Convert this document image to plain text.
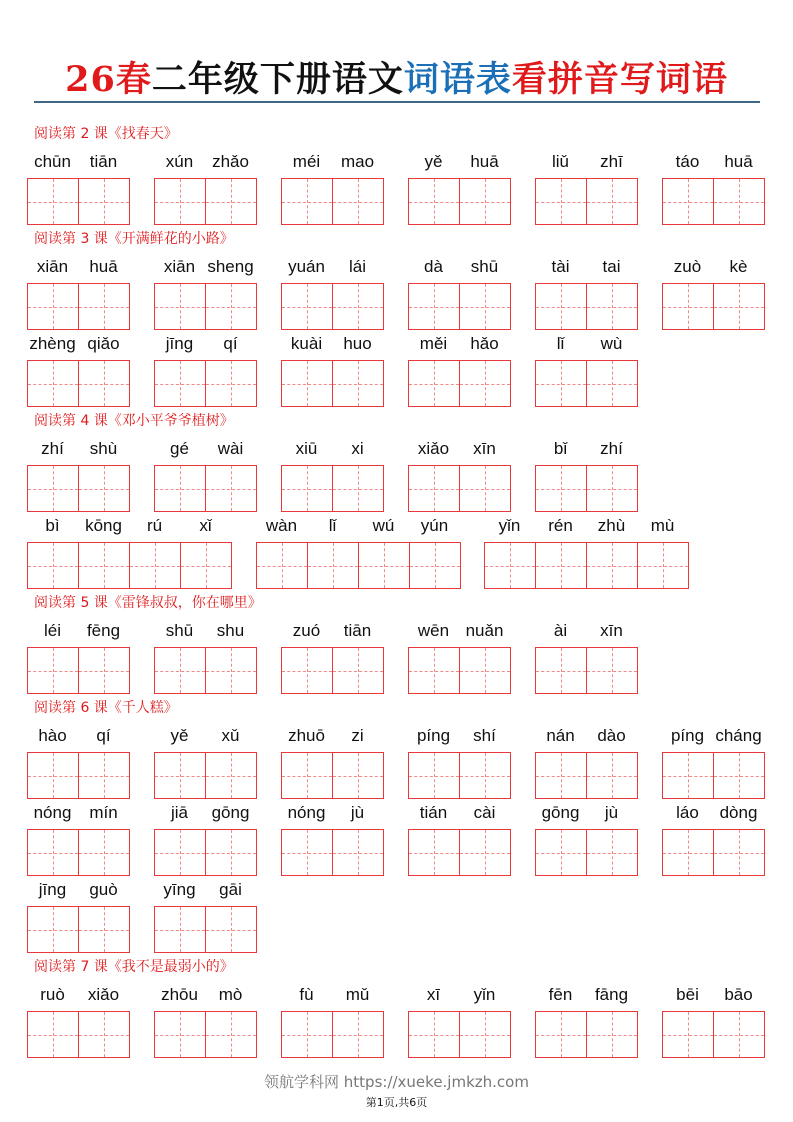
26春二年级下册语文词语表看拼音写词语
阅读第 2 课《找春天》
chūn	tiān	xún	zhǎo	méi	mao	yě	huā	liǔ	zhī	táo	huā
阅读第 3 课《开满鲜花的小路》
xiān	huā	xiān sheng	yuán	lái	dà	shū	tài	tai	zuò	kè
zhèng qiǎo	jīng	qí	kuài	huo	měi	hǎo	lǐ	wù
阅读第 4 课《邓小平爷爷植树》
zhí	shù	gé	wài	xiū	xi	xiǎo	xīn	bǐ	zhí
bì	kōng	rú	xǐ	wàn	lǐ	wú	yún	yǐn	rén	zhù	mù
阅读第 5 课《雷锋叔叔，你在哪里》
léi	fēng	shū	shu	zuó	tiān	wēn nuǎn	ài	xīn
阅读第 6 课《千人糕》
hào	qí	yě	xǔ	zhuō	zi	píng	shí	nán	dào	píng cháng
nóng	mín	jiā	gōng	nóng	jù	tián	cài	gōng	jù	láo	dòng
jīng	guò	yīng	gāi
阅读第 7 课《我不是最弱小的》
ruò	xiǎo	zhōu	mò	fù	mǔ	xī	yǐn	fēn	fāng	bēi	bāo
领航学科网 https://xueke.jmkzh.com
第1页,共6页
